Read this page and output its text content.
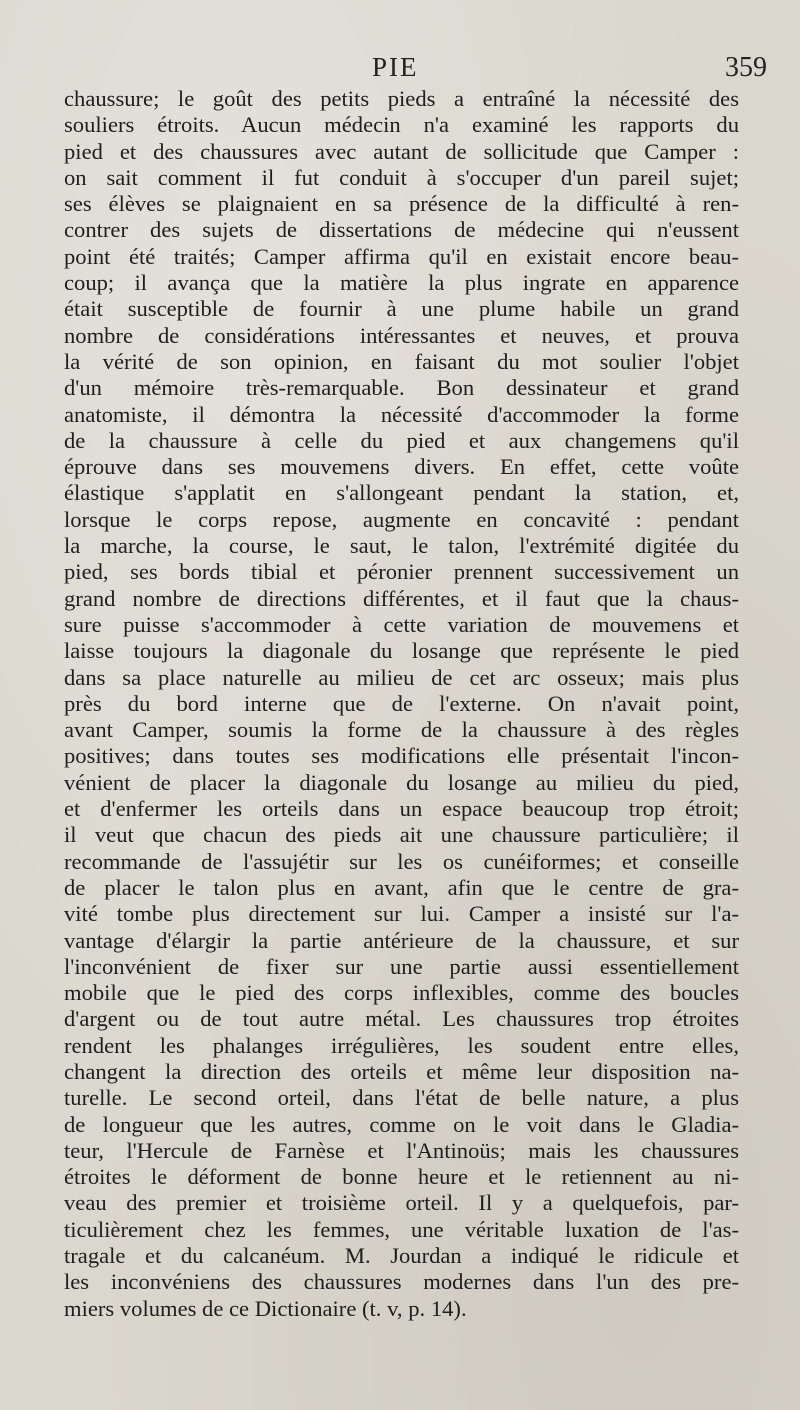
PIE	359
chaussure; le goût des petits pieds a entraîné la nécessité des
souliers étroits. Aucun médecin n'a examiné les rapports du
pied et des chaussures avec autant de sollicitude que Camper :
on sait comment il fut conduit à s'occuper d'un pareil sujet;
ses élèves se plaignaient en sa présence de la difficulté à ren-
contrer des sujets de dissertations de médecine qui n'eussent
point été traités; Camper affirma qu'il en existait encore beau-
coup; il avança que la matière la plus ingrate en apparence
était susceptible de fournir à une plume habile un grand
nombre de considérations intéressantes et neuves, et prouva
la vérité de son opinion, en faisant du mot soulier l'objet
d'un mémoire très-remarquable. Bon dessinateur et grand
anatomiste, il démontra la nécessité d'accommoder la forme
de la chaussure à celle du pied et aux changemens qu'il
éprouve dans ses mouvemens divers. En effet, cette voûte
élastique s'applatit en s'allongeant pendant la station, et,
lorsque le corps repose, augmente en concavité : pendant
la marche, la course, le saut, le talon, l'extrémité digitée du
pied, ses bords tibial et péronier prennent successivement un
grand nombre de directions différentes, et il faut que la chaus-
sure puisse s'accommoder à cette variation de mouvemens et
laisse toujours la diagonale du losange que représente le pied
dans sa place naturelle au milieu de cet arc osseux; mais plus
près du bord interne que de l'externe. On n'avait point,
avant Camper, soumis la forme de la chaussure à des règles
positives; dans toutes ses modifications elle présentait l'incon-
vénient de placer la diagonale du losange au milieu du pied,
et d'enfermer les orteils dans un espace beaucoup trop étroit;
il veut que chacun des pieds ait une chaussure particulière; il
recommande de l'assujétir sur les os cunéiformes; et conseille
de placer le talon plus en avant, afin que le centre de gra-
vité tombe plus directement sur lui. Camper a insisté sur l'a-
vantage d'élargir la partie antérieure de la chaussure, et sur
l'inconvénient de fixer sur une partie aussi essentiellement
mobile que le pied des corps inflexibles, comme des boucles
d'argent ou de tout autre métal. Les chaussures trop étroites
rendent les phalanges irrégulières, les soudent entre elles,
changent la direction des orteils et même leur disposition na-
turelle. Le second orteil, dans l'état de belle nature, a plus
de longueur que les autres, comme on le voit dans le Gladia-
teur, l'Hercule de Farnèse et l'Antinoüs; mais les chaussures
étroites le déforment de bonne heure et le retiennent au ni-
veau des premier et troisième orteil. Il y a quelquefois, par-
ticulièrement chez les femmes, une véritable luxation de l'as-
tragale et du calcanéum. M. Jourdan a indiqué le ridicule et
les inconvéniens des chaussures modernes dans l'un des pre-
miers volumes de ce Dictionaire (t. v, p. 14).
